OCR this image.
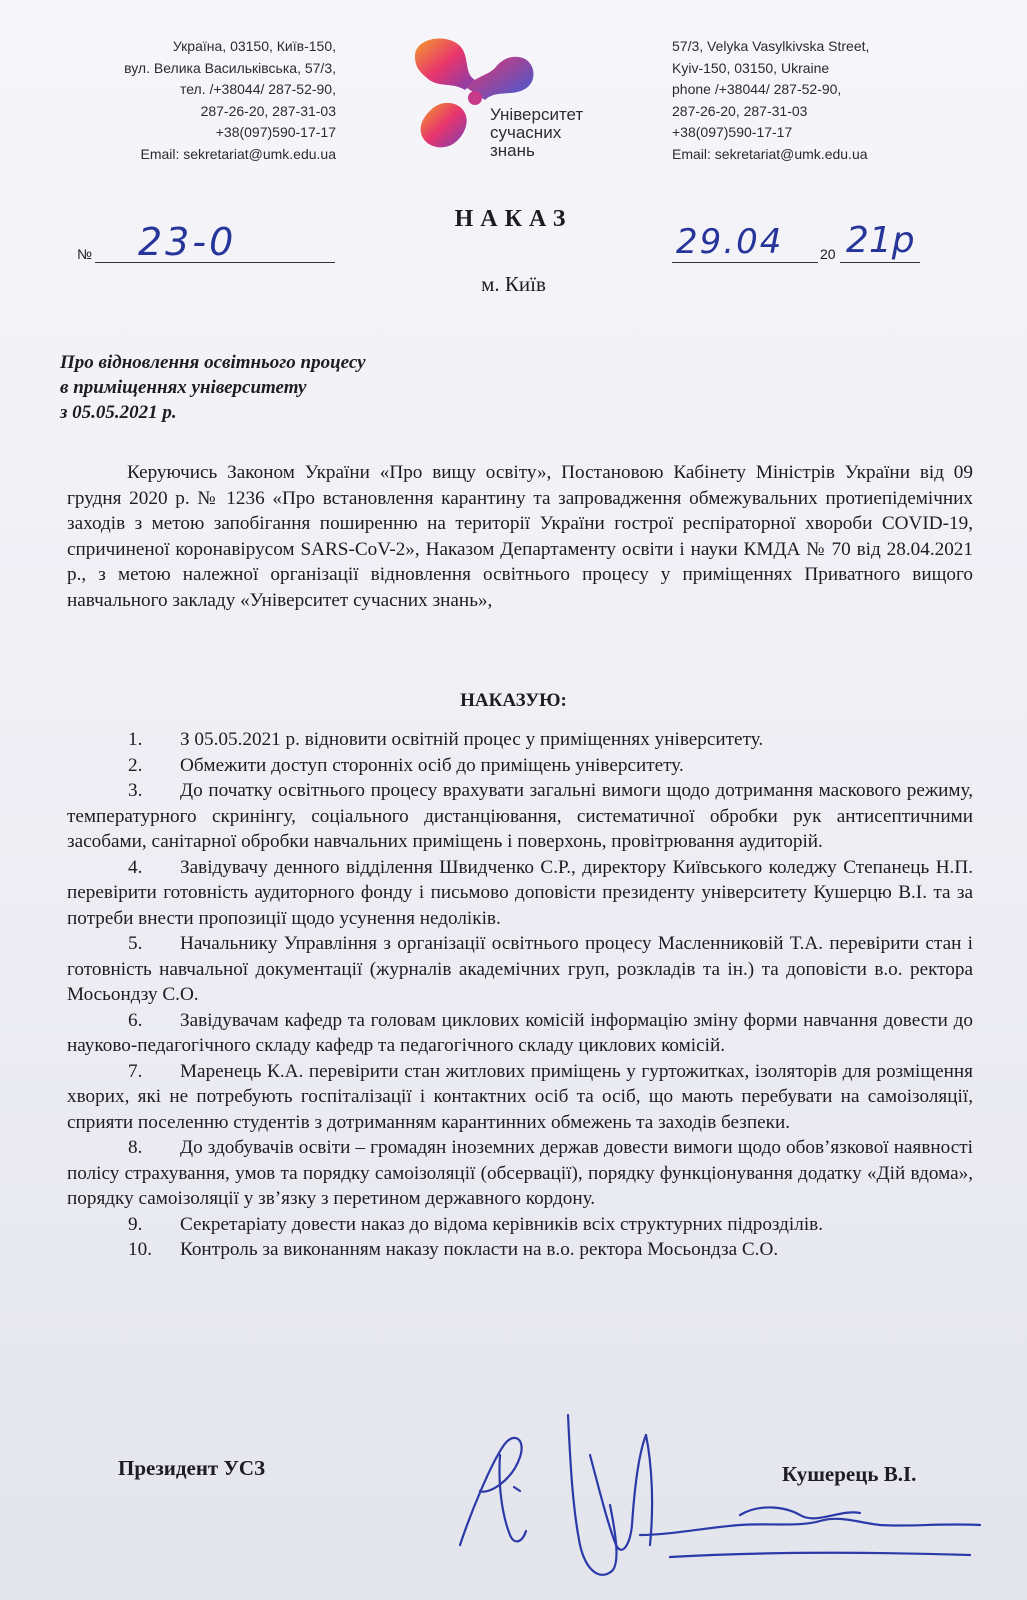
Україна, 03150, Київ-150,
вул. Велика Васильківська, 57/3,
тел. /+38044/ 287-52-90,
287-26-20, 287-31-03
+38(097)590-17-17
Email: sekretariat@umk.edu.ua
Університет
сучасних
знань
57/3, Velyka Vasylkivska Street,
Kyiv-150, 03150, Ukraine
phone /+38044/ 287-52-90,
287-26-20, 287-31-03
+38(097)590-17-17
Email: sekretariat@umk.edu.ua
НАКАЗ
№ 23-0	29.04	20 21р
м. Київ
Про відновлення освітнього процесу
в приміщеннях університету
з 05.05.2021 р.

Керуючись Законом України «Про вищу освіту», Постановою Кабінету Міністрів України від 09 грудня 2020 р. № 1236 «Про встановлення карантину та запровадження обмежувальних протиепідемічних заходів з метою запобігання поширенню на території України гострої респіраторної хвороби COVID-19, спричиненої коронавірусом SARS-CoV-2», Наказом Департаменту освіти і науки КМДА № 70 від 28.04.2021 р., з метою належної організації відновлення освітнього процесу у приміщеннях Приватного вищого навчального закладу «Університет сучасних знань»,

НАКАЗУЮ:

1. З 05.05.2021 р. відновити освітній процес у приміщеннях університету.

2. Обмежити доступ сторонніх осіб до приміщень університету.

3. До початку освітнього процесу врахувати загальні вимоги щодо дотримання маскового режиму, температурного скринінгу, соціального дистанціювання, систематичної обробки рук антисептичними засобами, санітарної обробки навчальних приміщень і поверхонь, провітрювання аудиторій.

4. Завідувачу денного відділення Швидченко С.Р., директору Київського коледжу Степанець Н.П. перевірити готовність аудиторного фонду і письмово доповісти президенту університету Кушерцю В.І. та за потреби внести пропозиції щодо усунення недоліків.

5. Начальнику Управління з організації освітнього процесу Масленниковій Т.А. перевірити стан і готовність навчальної документації (журналів академічних груп, розкладів та ін.) та доповісти в.о. ректора Мосьондзу С.О.

6. Завідувачам кафедр та головам циклових комісій інформацію зміну форми навчання довести до науково-педагогічного складу кафедр та педагогічного складу циклових комісій.

7. Маренець К.А. перевірити стан житлових приміщень у гуртожитках, ізоляторів для розміщення хворих, які не потребують госпіталізації і контактних осіб та осіб, що мають перебувати на самоізоляції, сприяти поселенню студентів з дотриманням карантинних обмежень та заходів безпеки.

8. До здобувачів освіти – громадян іноземних держав довести вимоги щодо обов’язкової наявності полісу страхування, умов та порядку самоізоляції (обсервації), порядку функціонування додатку «Дій вдома», порядку самоізоляції у зв’язку з перетином державного кордону.

9. Секретаріату довести наказ до відома керівників всіх структурних підрозділів.

10. Контроль за виконанням наказу покласти на в.о. ректора Мосьондза С.О.

Президент УСЗ	Кушерець В.І.
